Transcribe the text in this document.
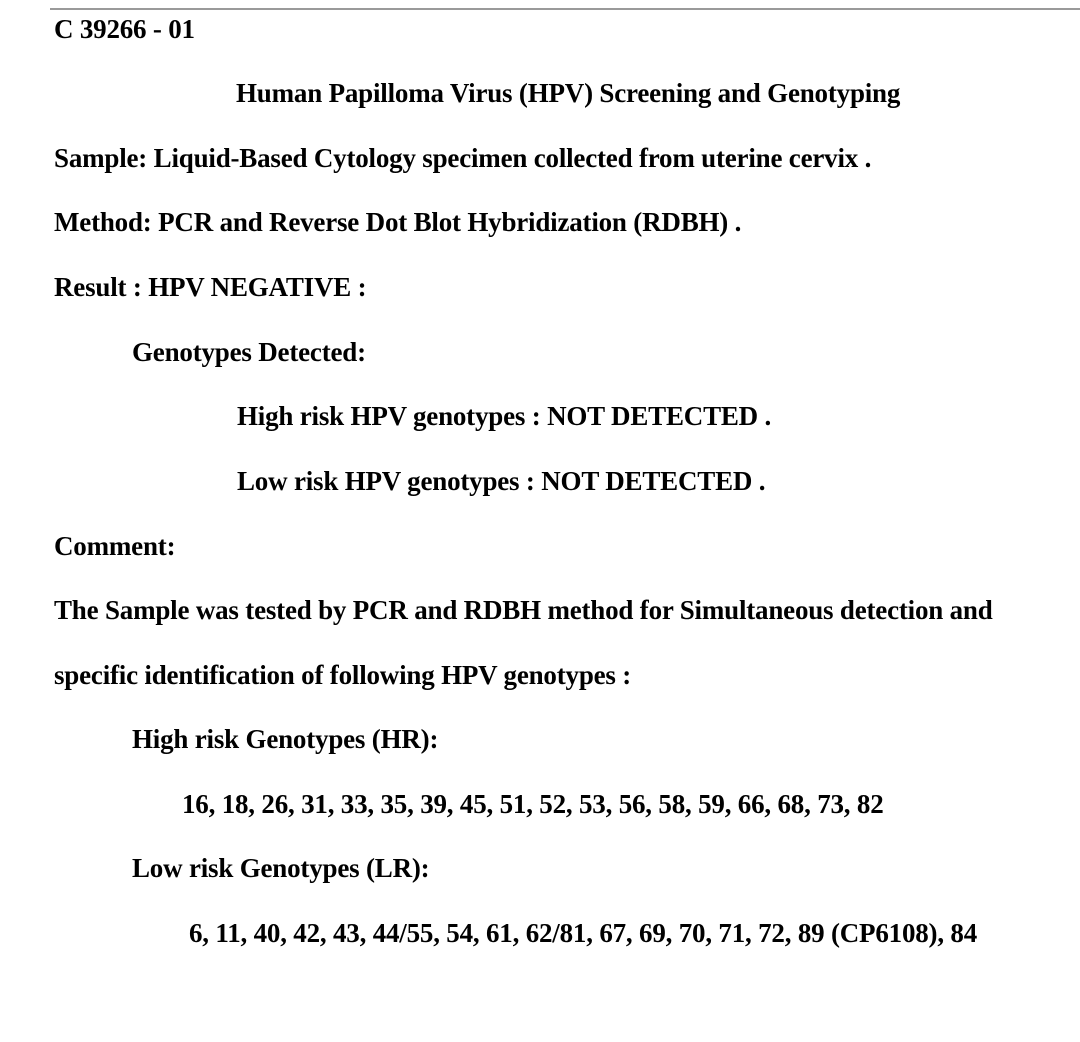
C 39266 - 01
Human Papilloma Virus (HPV) Screening and Genotyping
Sample: Liquid-Based Cytology specimen collected from uterine cervix .
Method: PCR and Reverse Dot Blot Hybridization (RDBH) .
Result : HPV NEGATIVE :
Genotypes Detected:
High risk HPV genotypes : NOT DETECTED .
Low risk HPV genotypes : NOT DETECTED .
Comment:
The Sample was tested by PCR and RDBH method for Simultaneous detection and
specific identification of following HPV genotypes :
High risk Genotypes (HR):
16, 18, 26, 31, 33, 35, 39, 45, 51, 52, 53, 56, 58, 59, 66, 68, 73, 82
Low risk Genotypes (LR):
6, 11, 40, 42, 43, 44/55, 54, 61, 62/81, 67, 69, 70, 71, 72, 89 (CP6108), 84
